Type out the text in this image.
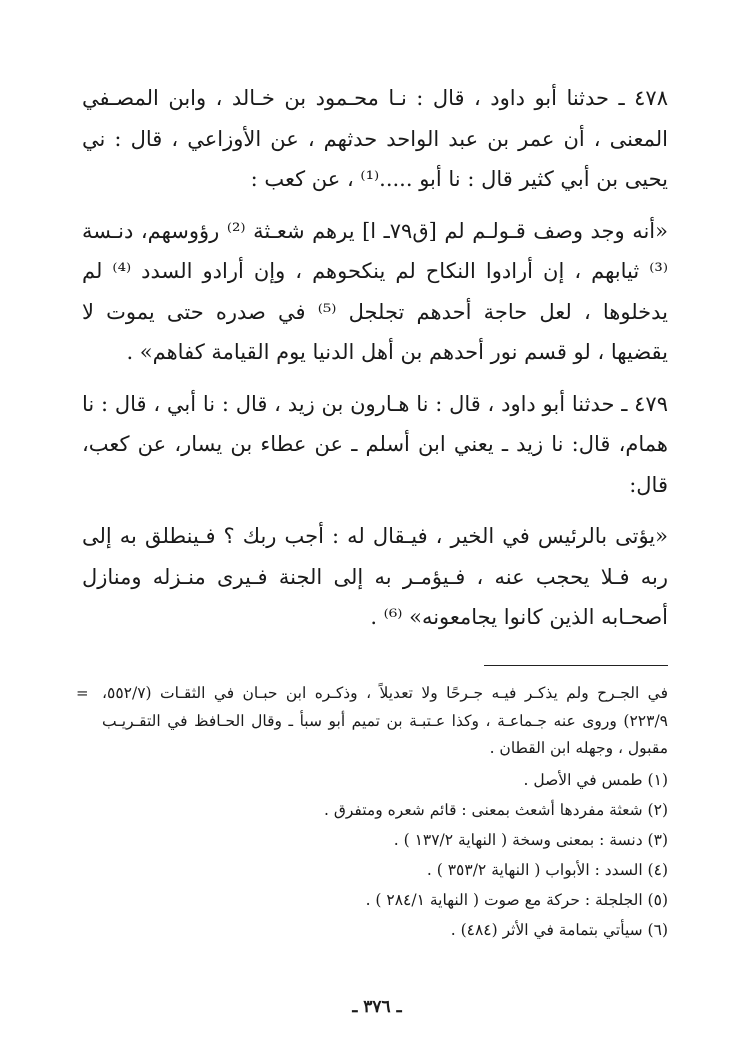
٤٧٨ ـ حدثنا أبو داود ، قال : نـا محـمود بن خـالد ، وابن المصـفي المعنى ، أن عمر بن عبد الواحد حدثهم ، عن الأوزاعي ، قال : ني يحيى بن أبي كثير قال : نا أبو .....⁽¹⁾ ، عن كعب :

«أنه وجد وصف قـولـم لم [ق٧٩ـ ا] يرهم شعـثة ⁽²⁾ رؤوسهم، دنـسة ⁽³⁾ ثيابهم ، إن أرادوا النكاح لم ينكحوهم ، وإن أرادو السدد ⁽⁴⁾ لم يدخلوها ، لعل حاجة أحدهم تجلجل ⁽⁵⁾ في صدره حتى يموت لا يقضيها ، لو قسم نور أحدهم بن أهل الدنيا يوم القيامة كفاهم» .

٤٧٩ ـ حدثنا أبو داود ، قال : نا هـارون بن زيد ، قال : نا أبي ، قال : نا همام، قال: نا زيد ـ يعني ابن أسلم ـ عن عطاء بن يسار، عن كعب، قال:

«يؤتى بالرئيس في الخير ، فيـقال له : أجب ربك ؟ فـينطلق به إلى ربه فـلا يحجب عنه ، فـيؤمـر به إلى الجنة فـيرى منـزله ومنازل أصحـابه الذين كانوا يجامعونه» ⁽⁶⁾ .

= في الجـرح ولم يذكـر فيـه جـرحًا ولا تعديلاً ، وذكـره ابن حبـان في الثقـات (٥٥٢/٧، ٢٢٣/٩) وروى عنه جـماعـة ، وكذا عـتبـة بن تميم أبو سبأ ـ وقال الحـافظ في التقـريـب مقبول ، وجهله ابن القطان .

(١) طمس في الأصل .

(٢) شعثة مفردها أشعث بمعنى : قائم شعره ومتفرق .

(٣) دنسة : بمعنى وسخة ( النهاية ١٣٧/٢ ) .

(٤) السدد : الأبواب ( النهاية ٣٥٣/٢ ) .

(٥) الجلجلة : حركة مع صوت ( النهاية ٢٨٤/١ ) .

(٦) سيأتي بتمامة في الأثر (٤٨٤) .

ـ ٣٧٦ ـ
